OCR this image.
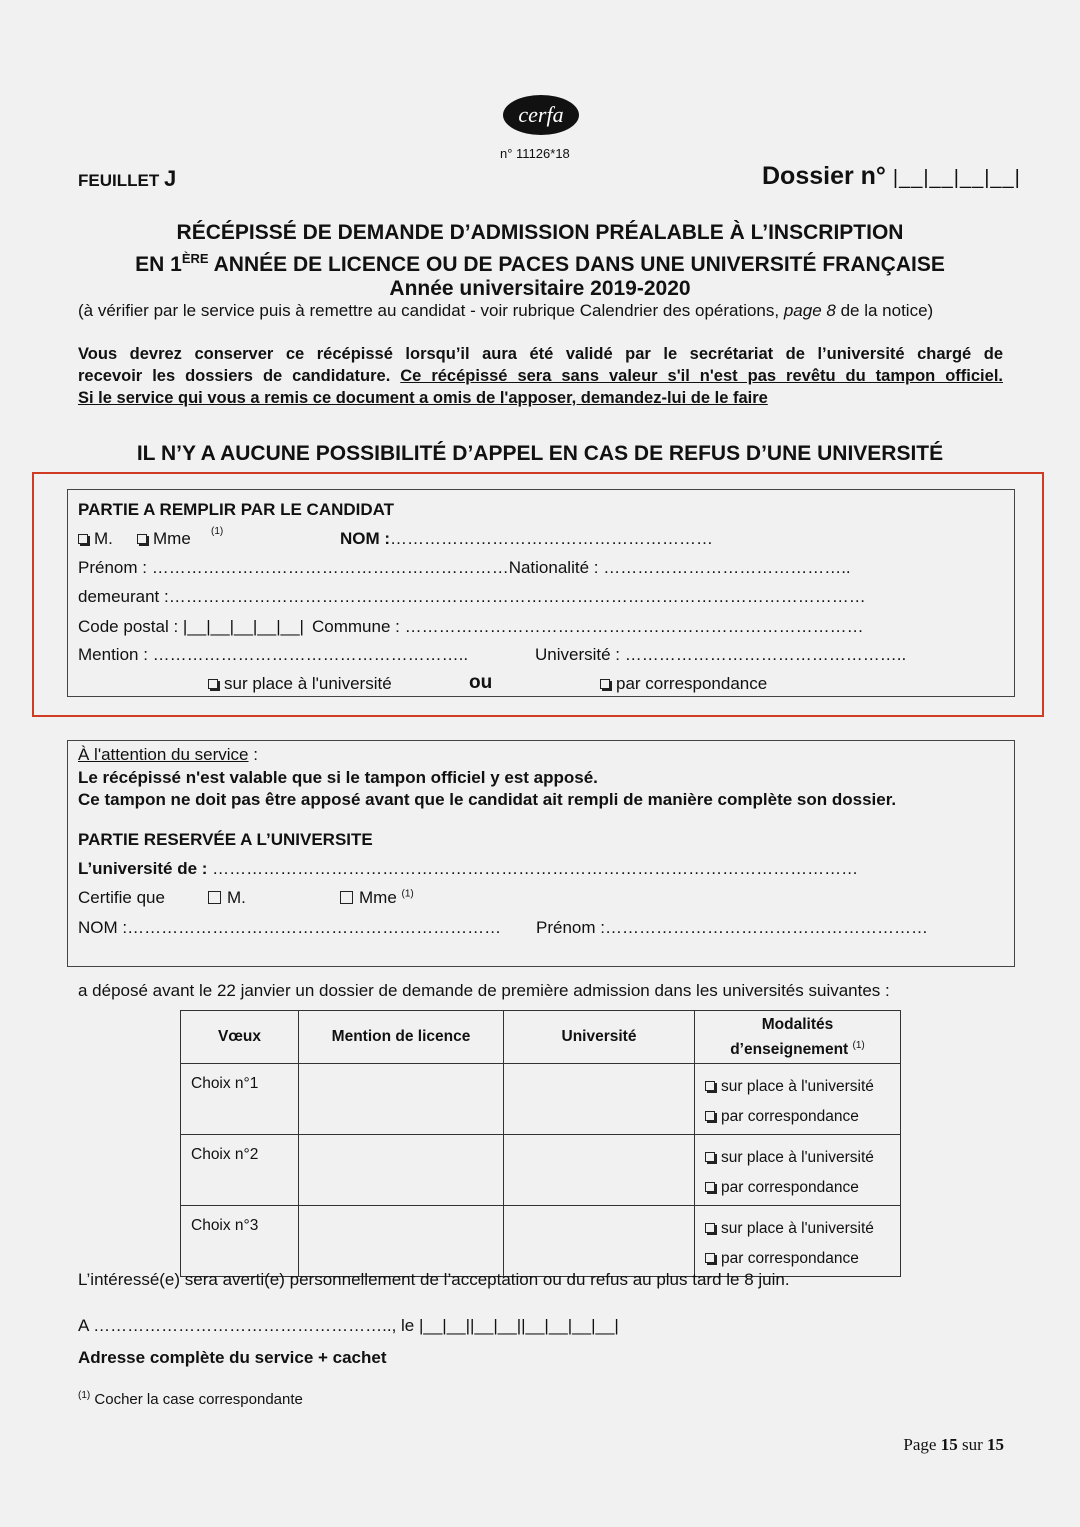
cerfa
n° 11126*18
FEUILLET J	Dossier n° |__|__|__|__|
RÉCÉPISSÉ DE DEMANDE D’ADMISSION PRÉALABLE À L’INSCRIPTION
EN 1ÈRE ANNÉE DE LICENCE OU DE PACES DANS UNE UNIVERSITÉ FRANÇAISE
Année universitaire 2019-2020
(à vérifier par le service puis à remettre au candidat - voir rubrique Calendrier des opérations, page 8 de la notice)
Vous devrez conserver ce récépissé lorsqu’il aura été validé par le secrétariat de l’université chargé de
recevoir les dossiers de candidature. Ce récépissé sera sans valeur s'il n'est pas revêtu du tampon officiel.
Si le service qui vous a remis ce document a omis de l'apposer, demandez-lui de le faire
IL N’Y A AUCUNE POSSIBILITÉ D’APPEL EN CAS DE REFUS D’UNE UNIVERSITÉ
PARTIE A REMPLIR PAR LE CANDIDAT
M.	Mme (1)	NOM :…………………………………………………
Prénom : ………………………………………………………Nationalité : ……………………………………..
demeurant :……………………………………………………………………………………………………………
Code postal : |__|__|__|__|__| Commune : ………………………………………………………………………
Mention : ………………………………………………..	Université : …………………………………………..
sur place à l'université	ou	par correspondance
À l'attention du service :
Le récépissé n'est valable que si le tampon officiel y est apposé.
Ce tampon ne doit pas être apposé avant que le candidat ait rempli de manière complète son dossier.
PARTIE RESERVÉE A L’UNIVERSITE
L’université de : ……………………………………………………………………………………………………
Certifie que	M.	Mme $^{(1)}$
NOM :………………………………………………………… Prénom :…………………………………………………
a déposé avant le 22 janvier un dossier de demande de première admission dans les universités suivantes :
Vœux	Mention de licence	Université	Modalités
d’enseignement $^{(1)}$
Choix n°1			sur place à l'université
par correspondance

Choix n°2			sur place à l'université
par correspondance

Choix n°3			sur place à l'université
par correspondance
L’intéressé(e) sera averti(e) personnellement de l’acceptation ou du refus au plus tard le 8 juin.
A …………………………………………….., le |__|__||__|__||__|__|__|__|
Adresse complète du service + cachet
$^{(1)}$ Cocher la case correspondante
Page 15 sur 15
